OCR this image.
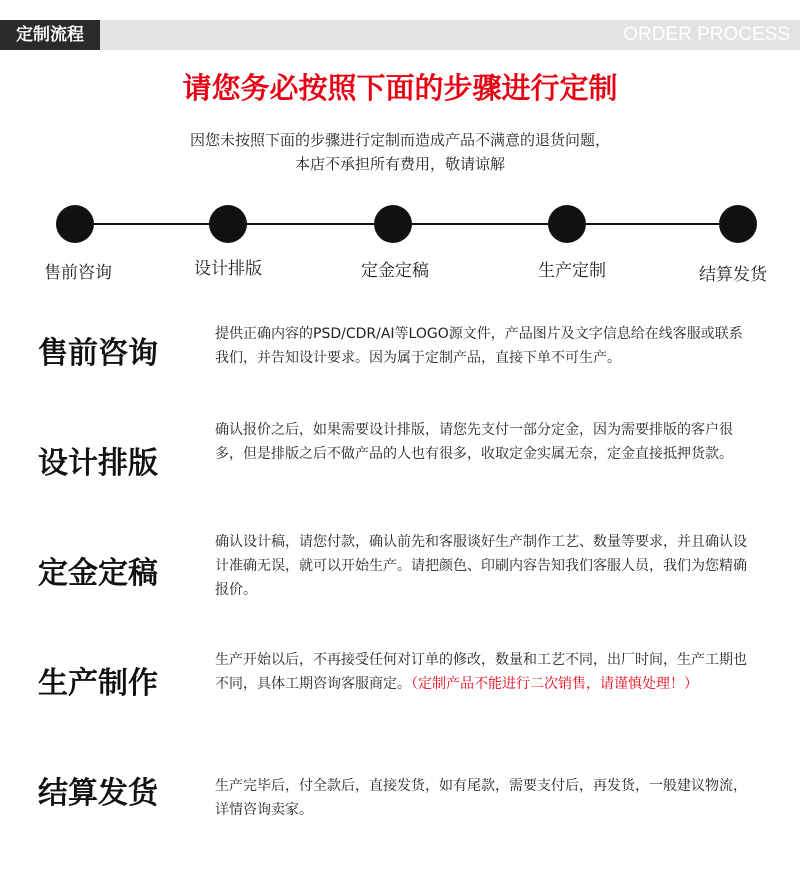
定制流程	ORDER PROCESS
请您务必按照下面的步骤进行定制
因您未按照下面的步骤进行定制而造成产品不满意的退货问题，
本店不承担所有费用，敬请谅解
售前咨询	设计排版	定金定稿	生产定制	结算发货
售前咨询
提供正确内容的PSD/CDR/AI等LOGO源文件，产品图片及文字信息给在线客服或联系我们，并告知设计要求。因为属于定制产品，直接下单不可生产。
设计排版
确认报价之后，如果需要设计排版，请您先支付一部分定金，因为需要排版的客户很多，但是排版之后不做产品的人也有很多，收取定金实属无奈，定金直接抵押货款。
定金定稿
确认设计稿，请您付款，确认前先和客服谈好生产制作工艺、数量等要求，并且确认设计准确无误，就可以开始生产。请把颜色、印刷内容告知我们客服人员，我们为您精确报价。
生产制作
生产开始以后，不再接受任何对订单的修改，数量和工艺不同，出厂时间，生产工期也不同，具体工期咨询客服商定。（定制产品不能进行二次销售，请谨慎处理！）
结算发货	生产完毕后，付全款后，直接发货，如有尾款，需要支付后，再发货，一般建议物流，详情咨询卖家。
